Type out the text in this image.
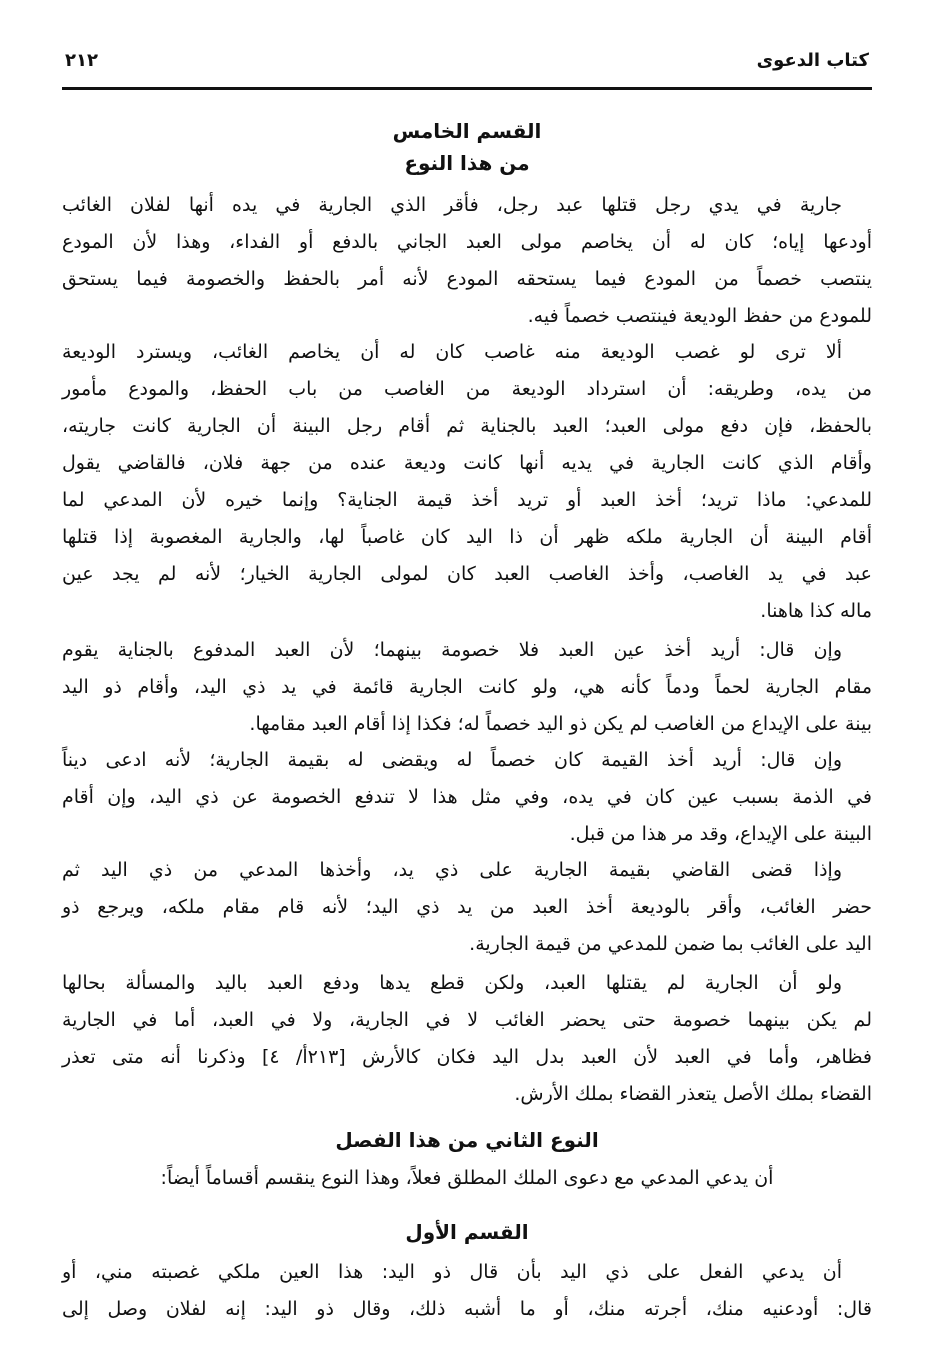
٢١٢	كتاب الدعوى
القسم الخامس
من هذا النوع
جارية في يدي رجل قتلها عبد رجل، فأقر الذي الجارية في يده أنها لفلان الغائب
أودعها إياه؛ كان له أن يخاصم مولى العبد الجاني بالدفع أو الفداء، وهذا لأن المودع
ينتصب خصماً من المودع فيما يستحقه المودع لأنه أمر بالحفظ والخصومة فيما يستحق
للمودع من حفظ الوديعة فينتصب خصماً فيه.
ألا ترى لو غصب الوديعة منه غاصب كان له أن يخاصم الغائب، ويسترد الوديعة
من يده، وطريقه: أن استرداد الوديعة من الغاصب من باب الحفظ، والمودع مأمور
بالحفظ، فإن دفع مولى العبد؛ العبد بالجناية ثم أقام رجل البينة أن الجارية كانت جاريته،
وأقام الذي كانت الجارية في يديه أنها كانت وديعة عنده من جهة فلان، فالقاضي يقول
للمدعي: ماذا تريد؛ أخذ العبد أو تريد أخذ قيمة الجناية؟ وإنما خيره لأن المدعي لما
أقام البينة أن الجارية ملكه ظهر أن ذا اليد كان غاصباً لها، والجارية المغصوبة إذا قتلها
عبد في يد الغاصب، وأخذ الغاصب العبد كان لمولى الجارية الخيار؛ لأنه لم يجد عين
ماله كذا هاهنا.
وإن قال: أريد أخذ عين العبد فلا خصومة بينهما؛ لأن العبد المدفوع بالجناية يقوم
مقام الجارية لحماً ودماً كأنه هي، ولو كانت الجارية قائمة في يد ذي اليد، وأقام ذو اليد
بينة على الإيداع من الغاصب لم يكن ذو اليد خصماً له؛ فكذا إذا أقام العبد مقامها.
وإن قال: أريد أخذ القيمة كان خصماً له ويقضى له بقيمة الجارية؛ لأنه ادعى ديناً
في الذمة بسبب عين كان في يده، وفي مثل هذا لا تندفع الخصومة عن ذي اليد، وإن أقام
البينة على الإيداع، وقد مر هذا من قبل.
وإذا قضى القاضي بقيمة الجارية على ذي يد، وأخذها المدعي من ذي اليد ثم
حضر الغائب، وأقر بالوديعة أخذ العبد من يد ذي اليد؛ لأنه قام مقام ملكه، ويرجع ذو
اليد على الغائب بما ضمن للمدعي من قيمة الجارية.
ولو أن الجارية لم يقتلها العبد، ولكن قطع يدها ودفع العبد باليد والمسألة بحالها
لم يكن بينهما خصومة حتى يحضر الغائب لا في الجارية، ولا في العبد، أما في الجارية
فظاهر، وأما في العبد لأن العبد بدل اليد فكان كالأرش [٢١٣أ/ ٤] وذكرنا أنه متى تعذر
القضاء بملك الأصل يتعذر القضاء بملك الأرش.
النوع الثاني من هذا الفصل
أن يدعي المدعي مع دعوى الملك المطلق فعلاً، وهذا النوع ينقسم أقساماً أيضاً:
القسم الأول
أن يدعي الفعل على ذي اليد بأن قال ذو اليد: هذا العين ملكي غصبته مني، أو
قال: أودعنيه منك، أجرته منك، أو ما أشبه ذلك، وقال ذو اليد: إنه لفلان وصل إلى
